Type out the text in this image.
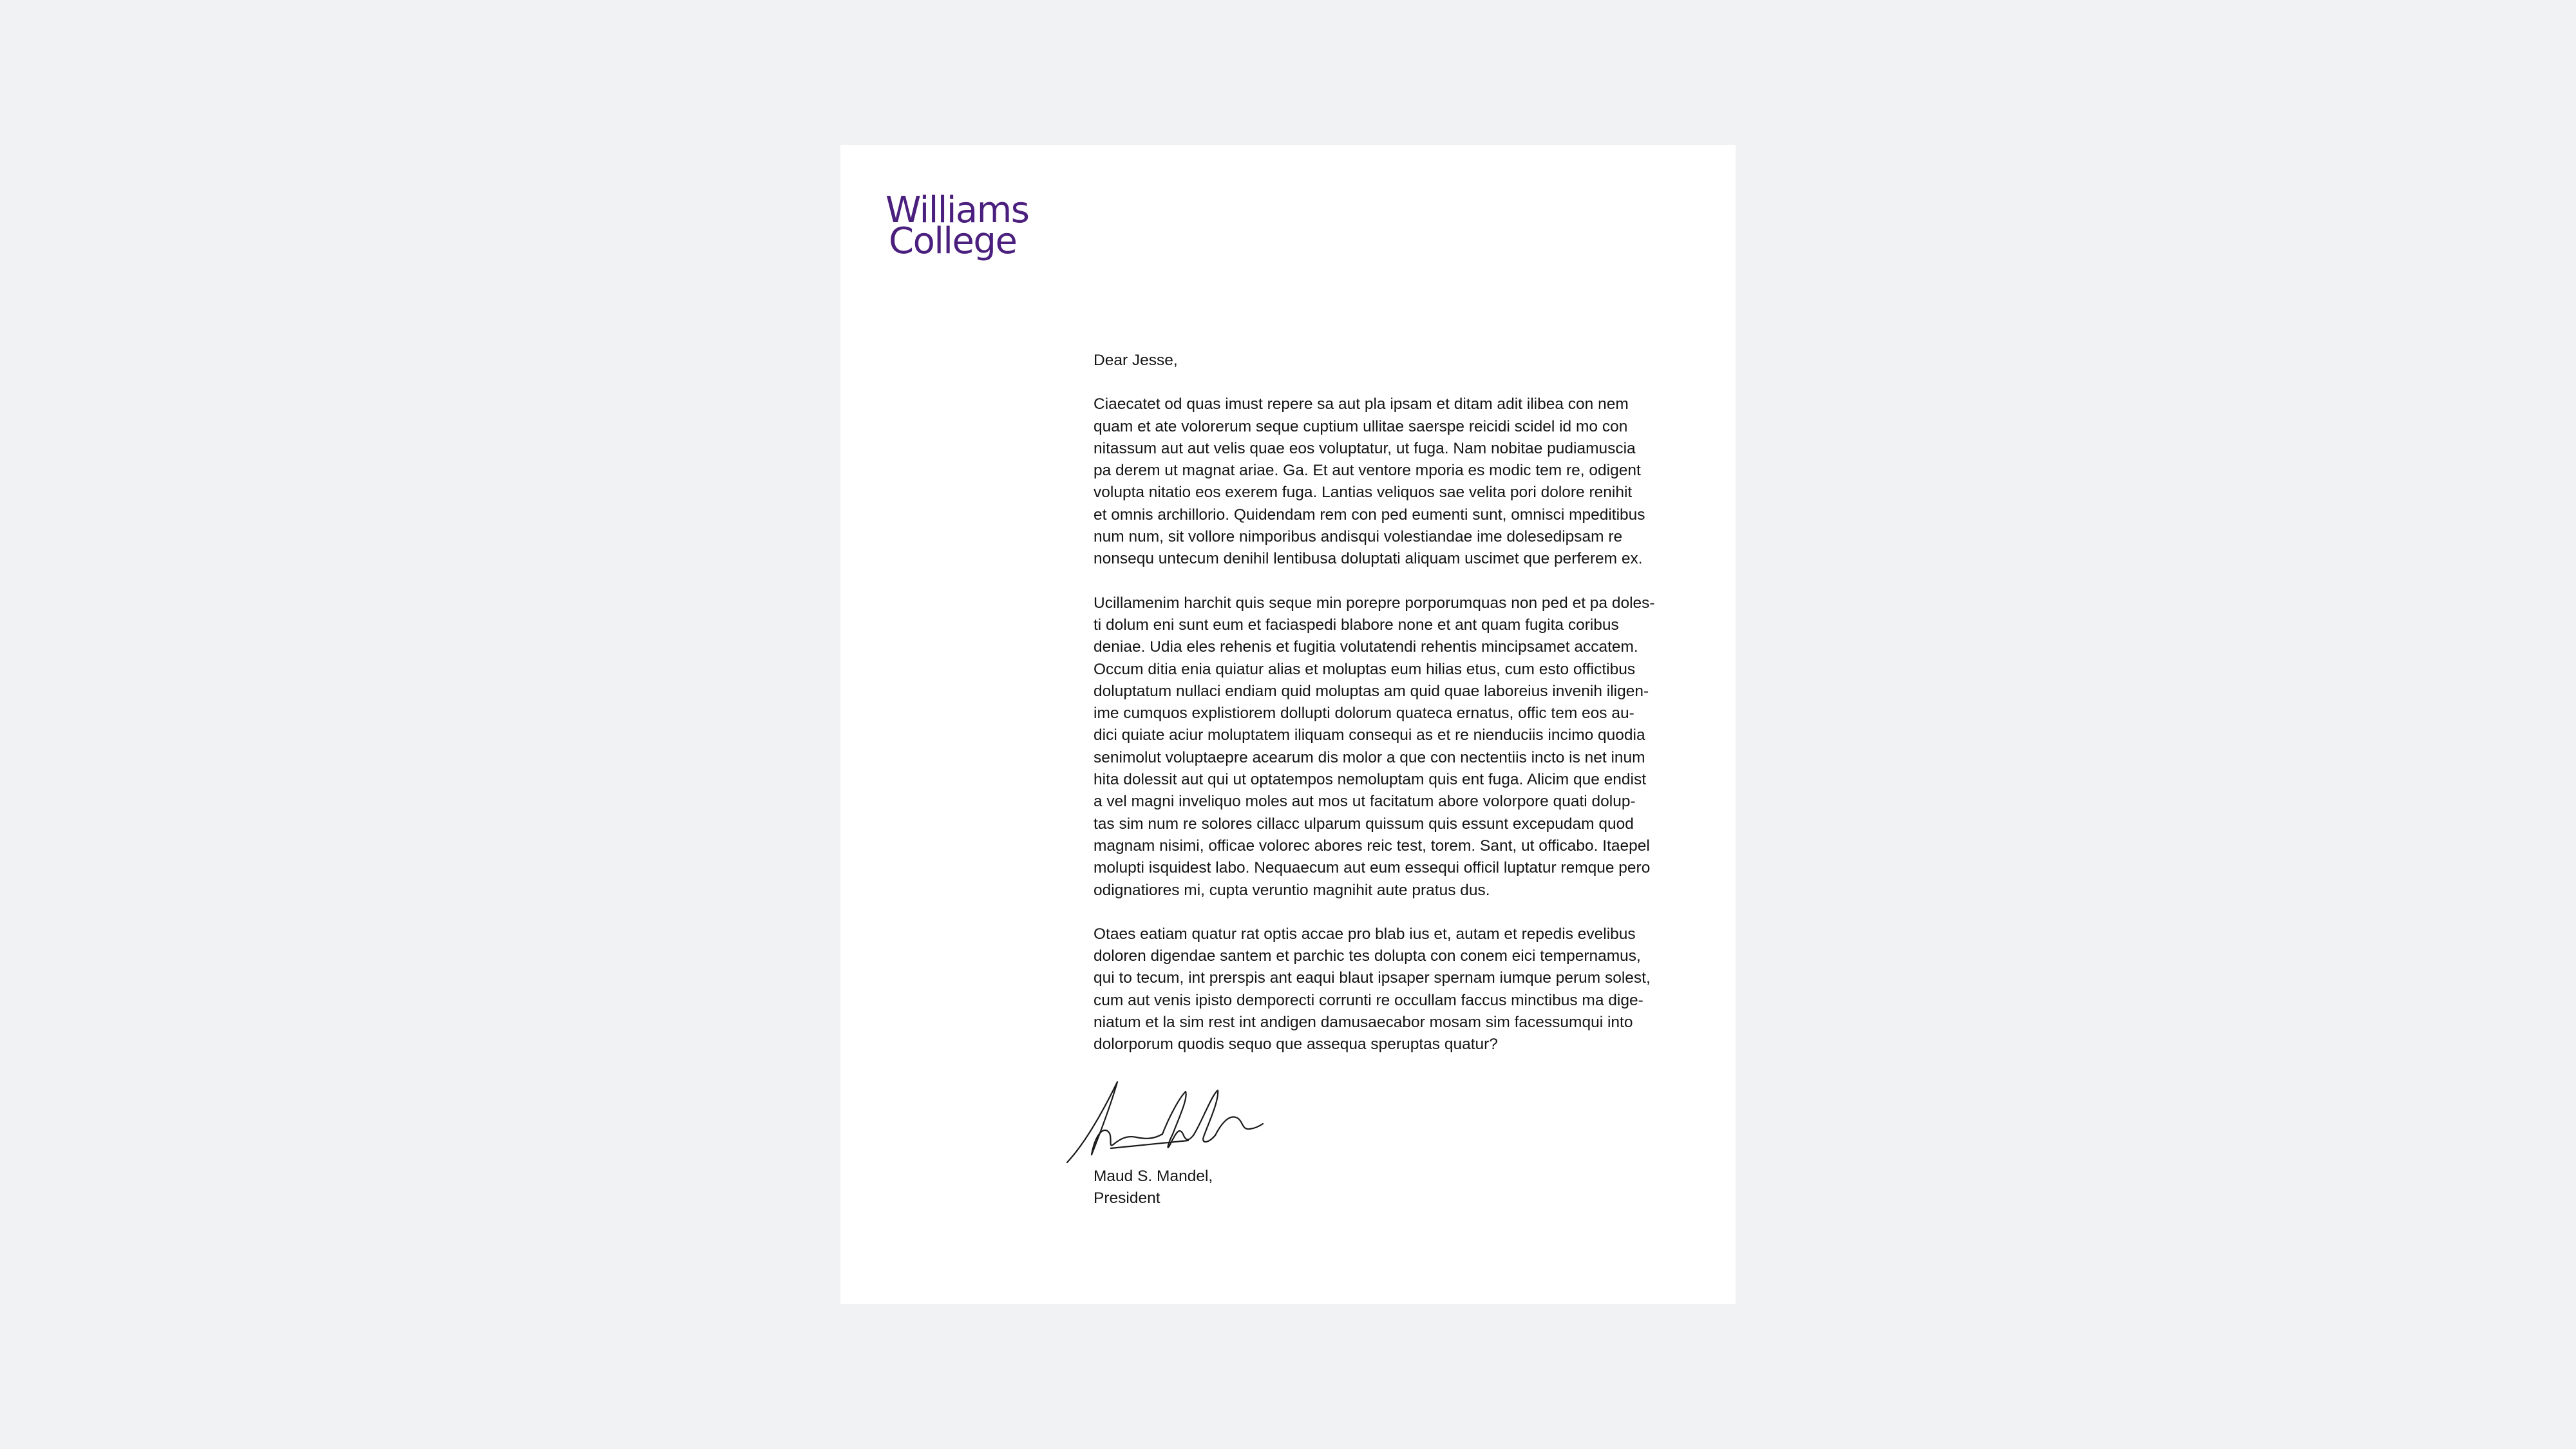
Williams
College
Dear Jesse,
Ciaecatet od quas imust repere sa aut pla ipsam et ditam adit ilibea con nem
quam et ate volorerum seque cuptium ullitae saerspe reicidi scidel id mo con
nitassum aut aut velis quae eos voluptatur, ut fuga. Nam nobitae pudiamuscia
pa derem ut magnat ariae. Ga. Et aut ventore mporia es modic tem re, odigent
volupta nitatio eos exerem fuga. Lantias veliquos sae velita pori dolore renihit
et omnis archillorio. Quidendam rem con ped eumenti sunt, omnisci mpeditibus
num num, sit vollore nimporibus andisqui volestiandae ime dolesedipsam re
nonsequ untecum denihil lentibusa doluptati aliquam uscimet que perferem ex.
Ucillamenim harchit quis seque min porepre porporumquas non ped et pa doles-
ti dolum eni sunt eum et faciaspedi blabore none et ant quam fugita coribus
deniae. Udia eles rehenis et fugitia volutatendi rehentis mincipsamet accatem.
Occum ditia enia quiatur alias et moluptas eum hilias etus, cum esto offictibus
doluptatum nullaci endiam quid moluptas am quid quae laboreius invenih iligen-
ime cumquos explistiorem dollupti dolorum quateca ernatus, offic tem eos au-
dici quiate aciur moluptatem iliquam consequi as et re nienduciis incimo quodia
senimolut voluptaepre acearum dis molor a que con nectentiis incto is net inum
hita dolessit aut qui ut optatempos nemoluptam quis ent fuga. Alicim que endist
a vel magni inveliquo moles aut mos ut facitatum abore volorpore quati dolup-
tas sim num re solores cillacc ulparum quissum quis essunt excepudam quod
magnam nisimi, officae volorec abores reic test, torem. Sant, ut officabo. Itaepel
molupti isquidest labo. Nequaecum aut eum essequi officil luptatur remque pero
odignatiores mi, cupta veruntio magnihit aute pratus dus.
Otaes eatiam quatur rat optis accae pro blab ius et, autam et repedis evelibus
doloren digendae santem et parchic tes dolupta con conem eici tempernamus,
qui to tecum, int prerspis ant eaqui blaut ipsaper spernam iumque perum solest,
cum aut venis ipisto demporecti corrunti re occullam faccus minctibus ma dige-
niatum et la sim rest int andigen damusaecabor mosam sim facessumqui into
dolorporum quodis sequo que assequa speruptas quatur?
Maud S. Mandel,
President
